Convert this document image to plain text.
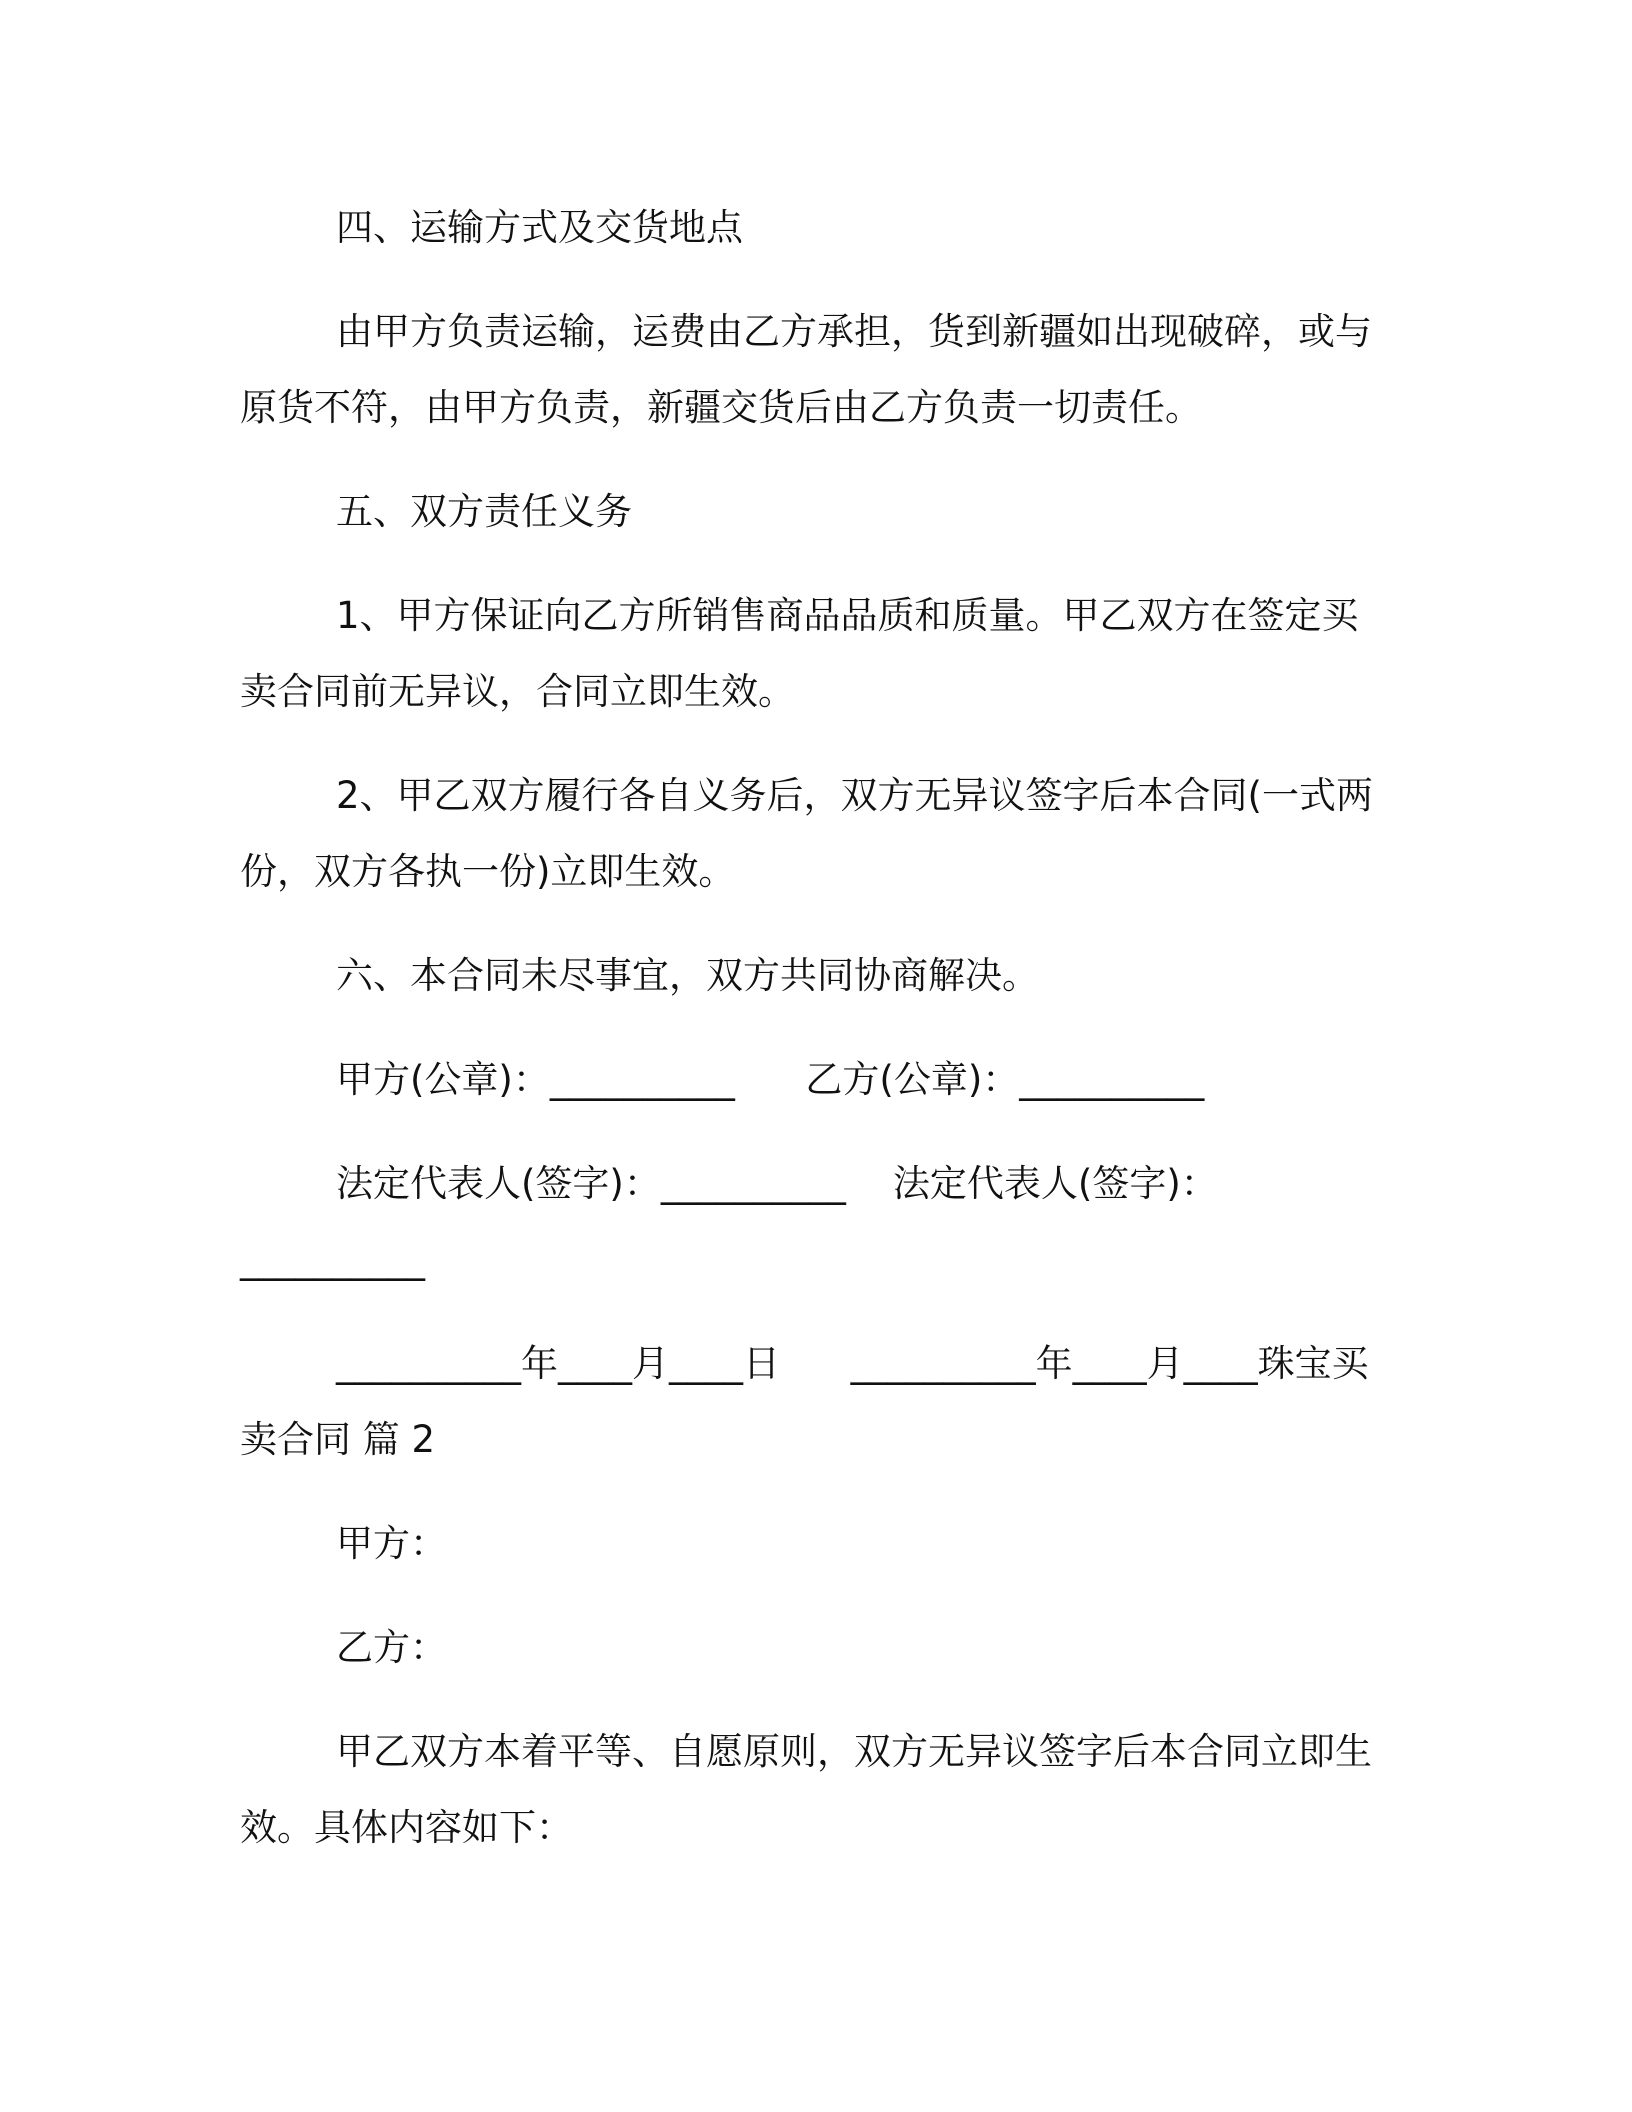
四、运输方式及交货地点

由甲方负责运输，运费由乙方承担，货到新疆如出现破碎，或与原货不符，由甲方负责，新疆交货后由乙方负责一切责任。

五、双方责任义务

1、甲方保证向乙方所销售商品品质和质量。甲乙双方在签定买卖合同前无异议，合同立即生效。

2、甲乙双方履行各自义务后，双方无异议签字后本合同(一式两份，双方各执一份)立即生效。

六、本合同未尽事宜，双方共同协商解决。

甲方(公章)：__________      乙方(公章)：__________

法定代表人(签字)：__________    法定代表人(签字)：

__________

__________年____月____日      __________年____月____珠宝买卖合同 篇 2

甲方：

乙方：

甲乙双方本着平等、自愿原则，双方无异议签字后本合同立即生效。具体内容如下：
